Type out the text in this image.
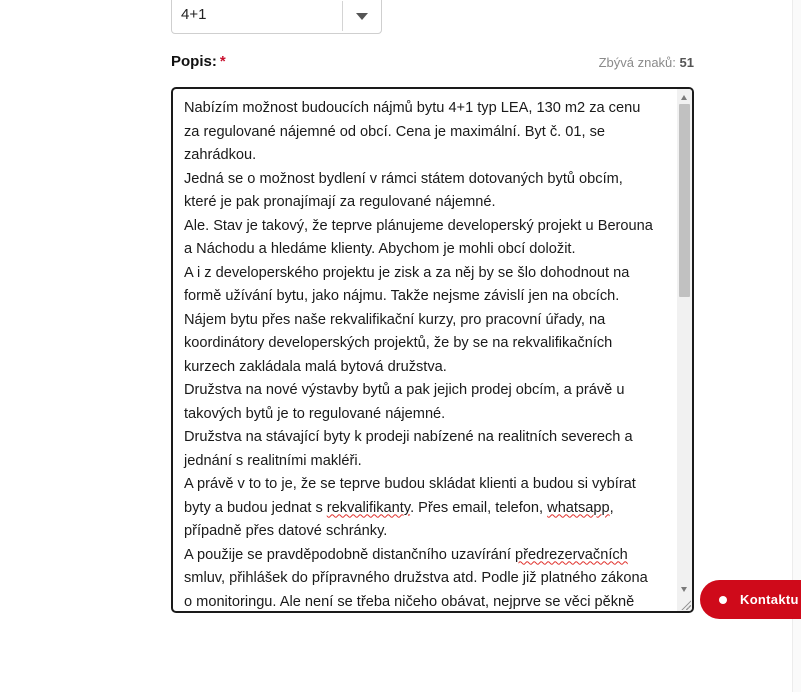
4+1
Popis: *	Zbývá znaků: 51
Nabízím možnost budoucích nájmů bytu 4+1 typ LEA, 130 m2 za cenu
za regulované nájemné od obcí. Cena je maximální. Byt č. 01, se
zahrádkou.
Jedná se o možnost bydlení v rámci státem dotovaných bytů obcím,
které je pak pronajímají za regulované nájemné.
Ale. Stav je takový, že teprve plánujeme developerský projekt u Berouna
a Náchodu a hledáme klienty. Abychom je mohli obcí doložit.
A i z developerského projektu je zisk a za něj by se šlo dohodnout na
formě užívání bytu, jako nájmu. Takže nejsme závislí jen na obcích.
Nájem bytu přes naše rekvalifikační kurzy, pro pracovní úřady, na
koordinátory developerských projektů, že by se na rekvalifikačních
kurzech zakládala malá bytová družstva.
Družstva na nové výstavby bytů a pak jejich prodej obcím, a právě u
takových bytů je to regulované nájemné.
Družstva na stávající byty k prodeji nabízené na realitních severech a
jednání s realitními makléři.
A právě v to to je, že se teprve budou skládat klienti a budou si vybírat
byty a budou jednat s rekvalifikanty. Přes email, telefon, whatsapp,
případně přes datové schránky.
A použije se pravděpodobně distančního uzavírání předrezervačních
smluv, přihlášek do přípravného družstva atd. Podle již platného zákona
o monitoringu. Ale není se třeba ničeho obávat, nejprve se věci pěkně	Kontaktu
